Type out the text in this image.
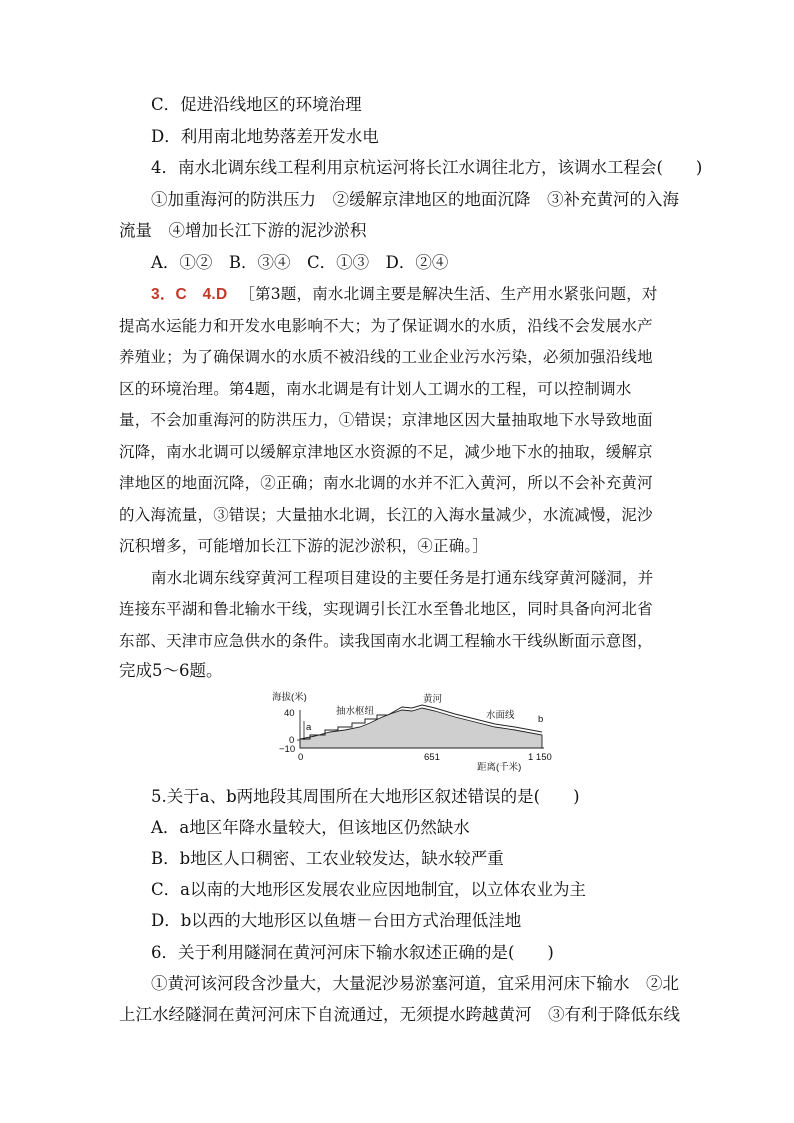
C．促进沿线地区的环境治理
D．利用南北地势落差开发水电
4．南水北调东线工程利用京杭运河将长江水调往北方，该调水工程会(　　)
①加重海河的防洪压力　②缓解京津地区的地面沉降　③补充黄河的入海
流量　④增加长江下游的泥沙淤积
A．①②　B．③④　C．①③　D．②④
3．C　4.D ［第3题，南水北调主要是解决生活、生产用水紧张问题，对
提高水运能力和开发水电影响不大；为了保证调水的水质，沿线不会发展水产
养殖业；为了确保调水的水质不被沿线的工业企业污水污染，必须加强沿线地
区的环境治理。第4题，南水北调是有计划人工调水的工程，可以控制调水
量，不会加重海河的防洪压力，①错误；京津地区因大量抽取地下水导致地面
沉降，南水北调可以缓解京津地区水资源的不足，减少地下水的抽取，缓解京
津地区的地面沉降，②正确；南水北调的水并不汇入黄河，所以不会补充黄河
的入海流量，③错误；大量抽水北调，长江的入海水量减少，水流减慢，泥沙
沉积增多，可能增加长江下游的泥沙淤积，④正确。］
南水北调东线穿黄河工程项目建设的主要任务是打通东线穿黄河隧洞，并
连接东平湖和鲁北输水干线，实现调引长江水至鲁北地区，同时具备向河北省
东部、天津市应急供水的条件。读我国南水北调工程输水干线纵断面示意图，
完成5～6题。
海拔(米)
40
0
−10
a
b
抽水枢纽
黄河
水面线
0	651	1 150
距离(千米)
5.关于a、b两地段其周围所在大地形区叙述错误的是(　　)
A．a地区年降水量较大，但该地区仍然缺水
B．b地区人口稠密、工农业较发达，缺水较严重
C．a以南的大地形区发展农业应因地制宜，以立体农业为主
D．b以西的大地形区以鱼塘－台田方式治理低洼地
6．关于利用隧洞在黄河河床下输水叙述正确的是(　　)
①黄河该河段含沙量大，大量泥沙易淤塞河道，宜采用河床下输水　②北
上江水经隧洞在黄河河床下自流通过，无须提水跨越黄河　③有利于降低东线
